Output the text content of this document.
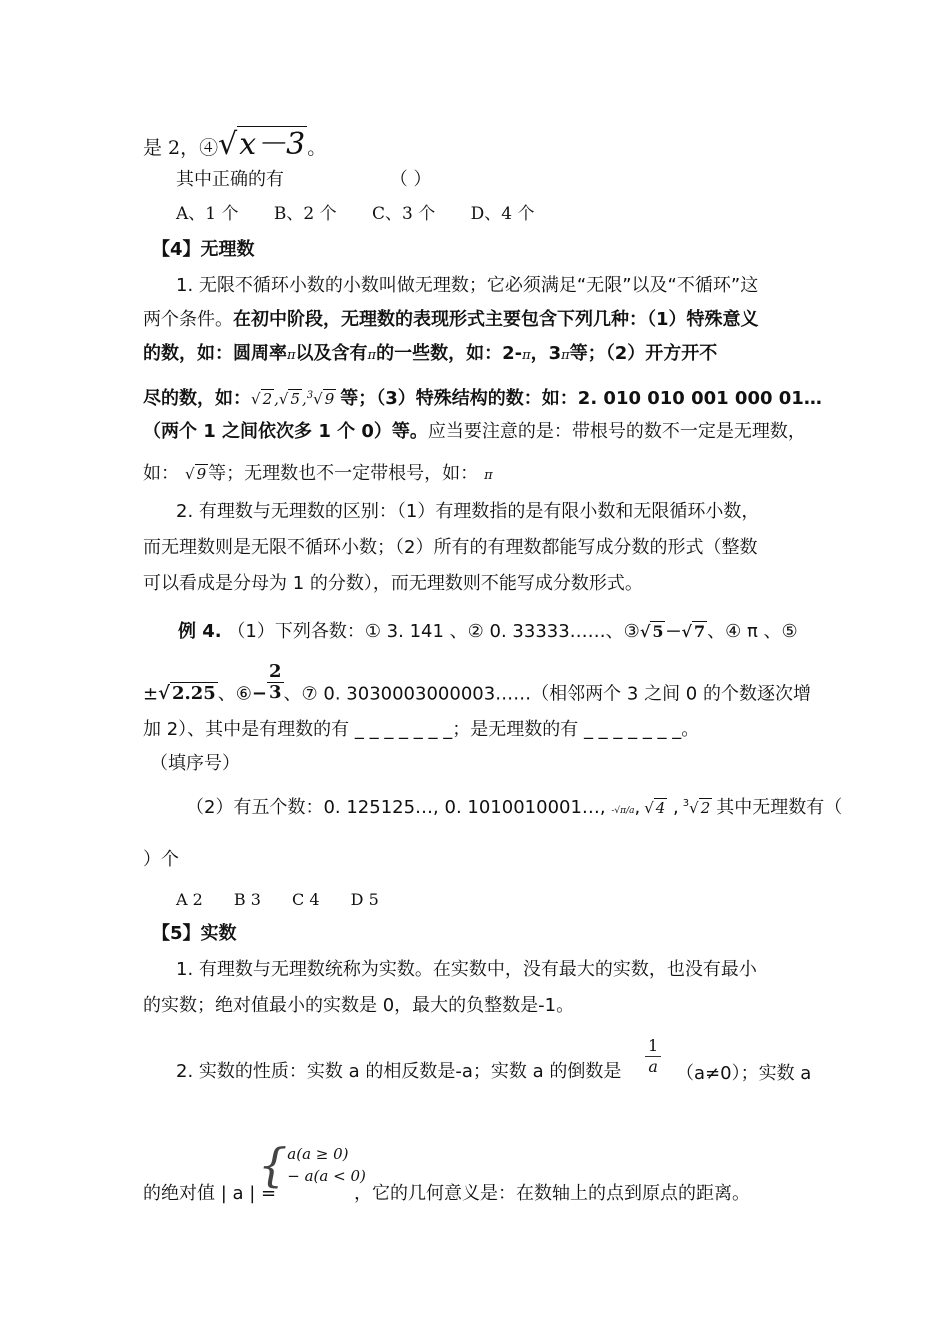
是 2，④√x－3 。
其中正确的有	（ ）
A、1 个 B、2 个 C、3 个 D、4 个
【4】无理数
1. 无限不循环小数的小数叫做无理数；它必须满足“无限”以及“不循环”这
两个条件。在初中阶段，无理数的表现形式主要包含下列几种：（1）特殊意义
的数，如：圆周率π以及含有π的一些数，如：2-π，3π等；（2）开方开不
尽的数，如：√ 2 ,√ 5 ,$^3$√ 9 等；（3）特殊结构的数：如：2. 010 010 001 000 01…
（两个 1 之间依次多 1 个 0）等。应当要注意的是：带根号的数不一定是无理数，
如： √ 9 等；无理数也不一定带根号，如： π
2. 有理数与无理数的区别：（1）有理数指的是有限小数和无限循环小数，
而无理数则是无限不循环小数；（2）所有的有理数都能写成分数的形式（整数
可以看成是分母为 1 的分数），而无理数则不能写成分数形式。
例 4. （1）下列各数：① 3. 141 、② 0. 33333……、③√ 5 －√ 7 、④ π 、⑤
±√ 2.25 、⑥− $\frac{2}{3}$ 、⑦ 0. 3030003000003……（相邻两个 3 之间 0 的个数逐次增
加 2）、其中是有理数的有 _ _ _ _ _ _ _；是无理数的有 _ _ _ _ _ _ _。
（填序号）
（2）有五个数：0. 125125…, 0. 1010010001…, -√π/a, √ 4 , $^3$√ 2 其中无理数有（
）个
A 2 B 3 C 4 D 5
【5】实数
1. 有理数与无理数统称为实数。在实数中，没有最大的实数，也没有最小
的实数；绝对值最小的实数是 0，最大的负整数是-1。
2. 实数的性质：实数 a 的相反数是-a；实数 a 的倒数是 $\frac{1}{a} (a\ne 0)$；实数 a
的绝对值 | a | =
{ a(a ≥ 0)
− a(a < 0)
，它的几何意义是：在数轴上的点到原点的距离。
